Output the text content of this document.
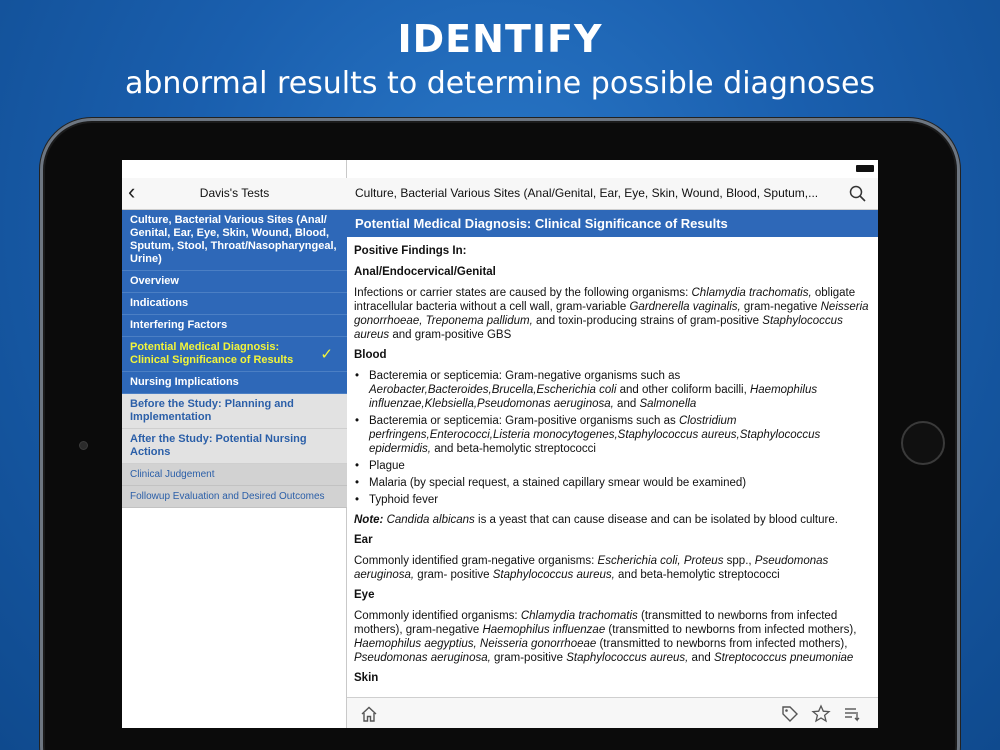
IDENTIFY
abnormal results to determine possible diagnoses
‹	Davis's Tests
Culture, Bacterial Various Sites (Anal/ Genital, Ear, Eye, Skin, Wound, Blood, Sputum, Stool, Throat/Nasopharyngeal, Urine)
Overview
Indications
Interfering Factors
Potential Medical Diagnosis: Clinical Significance of Results ✓
Nursing Implications
Before the Study: Planning and Implementation
After the Study: Potential Nursing Actions
Clinical Judgement
Followup Evaluation and Desired Outcomes
Culture, Bacterial Various Sites (Anal/Genital, Ear, Eye, Skin, Wound, Blood, Sputum,...
Potential Medical Diagnosis: Clinical Significance of Results
Positive Findings In:
Anal/Endocervical/Genital

Infections or carrier states are caused by the following organisms: Chlamydia trachomatis, obligate intracellular bacteria without a cell wall, gram-variable Gardnerella vaginalis, gram-negative Neisseria gonorrhoeae, Treponema pallidum, and toxin-producing strains of gram-positive Staphylococcus aureus and gram-positive GBS

Blood
• Bacteremia or septicemia: Gram-negative organisms such as Aerobacter,Bacteroides,Brucella,Escherichia coli and other coliform bacilli, Haemophilus influenzae,Klebsiella,Pseudomonas aeruginosa, and Salmonella
• Bacteremia or septicemia: Gram-positive organisms such as Clostridium perfringens,Enterococci,Listeria monocytogenes,Staphylococcus aureus,Staphylococcus epidermidis, and beta-hemolytic streptococci
• Plague
• Malaria (by special request, a stained capillary smear would be examined)
• Typhoid fever

Note: Candida albicans is a yeast that can cause disease and can be isolated by blood culture.

Ear

Commonly identified gram-negative organisms: Escherichia coli, Proteus spp., Pseudomonas aeruginosa, gram- positive Staphylococcus aureus, and beta-hemolytic streptococci

Eye

Commonly identified organisms: Chlamydia trachomatis (transmitted to newborns from infected mothers), gram-negative Haemophilus influenzae (transmitted to newborns from infected mothers), Haemophilus aegyptius, Neisseria gonorrhoeae (transmitted to newborns from infected mothers), Pseudomonas aeruginosa, gram-positive Staphylococcus aureus, and Streptococcus pneumoniae

Skin
